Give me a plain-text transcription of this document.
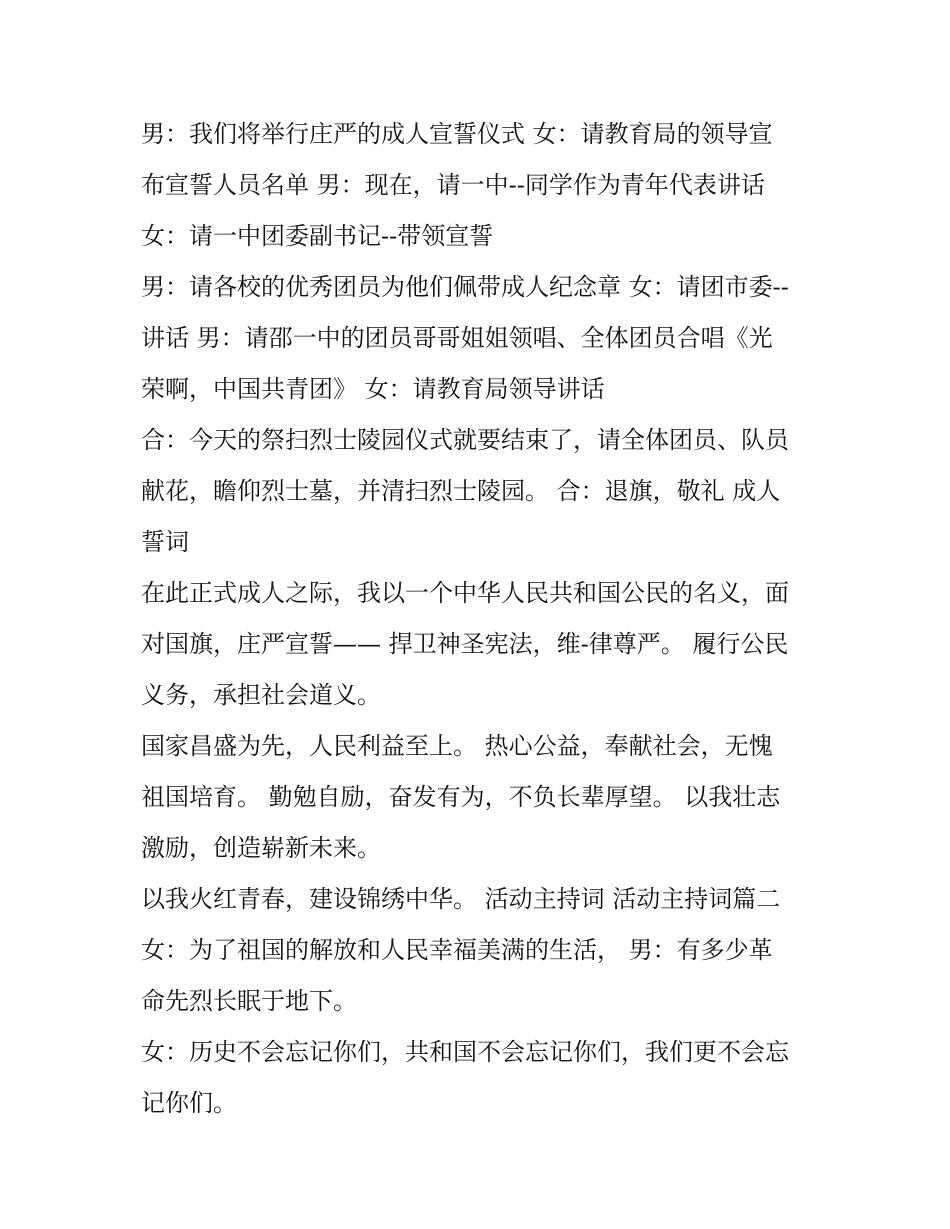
男：我们将举行庄严的成人宣誓仪式 女：请教育局的领导宣
布宣誓人员名单 男：现在，请一中--同学作为青年代表讲话
女：请一中团委副书记--带领宣誓
男：请各校的优秀团员为他们佩带成人纪念章 女：请团市委--
讲话 男：请邵一中的团员哥哥姐姐领唱、全体团员合唱《光
荣啊，中国共青团》 女：请教育局领导讲话
合：今天的祭扫烈士陵园仪式就要结束了，请全体团员、队员
献花，瞻仰烈士墓，并清扫烈士陵园。 合：退旗，敬礼 成人
誓词
在此正式成人之际，我以一个中华人民共和国公民的名义，面
对国旗，庄严宣誓—— 捍卫神圣宪法，维-律尊严。 履行公民
义务，承担社会道义。
国家昌盛为先，人民利益至上。 热心公益，奉献社会，无愧
祖国培育。 勤勉自励，奋发有为，不负长辈厚望。 以我壮志
激励，创造崭新未来。
以我火红青春，建设锦绣中华。 活动主持词 活动主持词篇二
女：为了祖国的解放和人民幸福美满的生活， 男：有多少革
命先烈长眠于地下。
女：历史不会忘记你们，共和国不会忘记你们，我们更不会忘
记你们。
